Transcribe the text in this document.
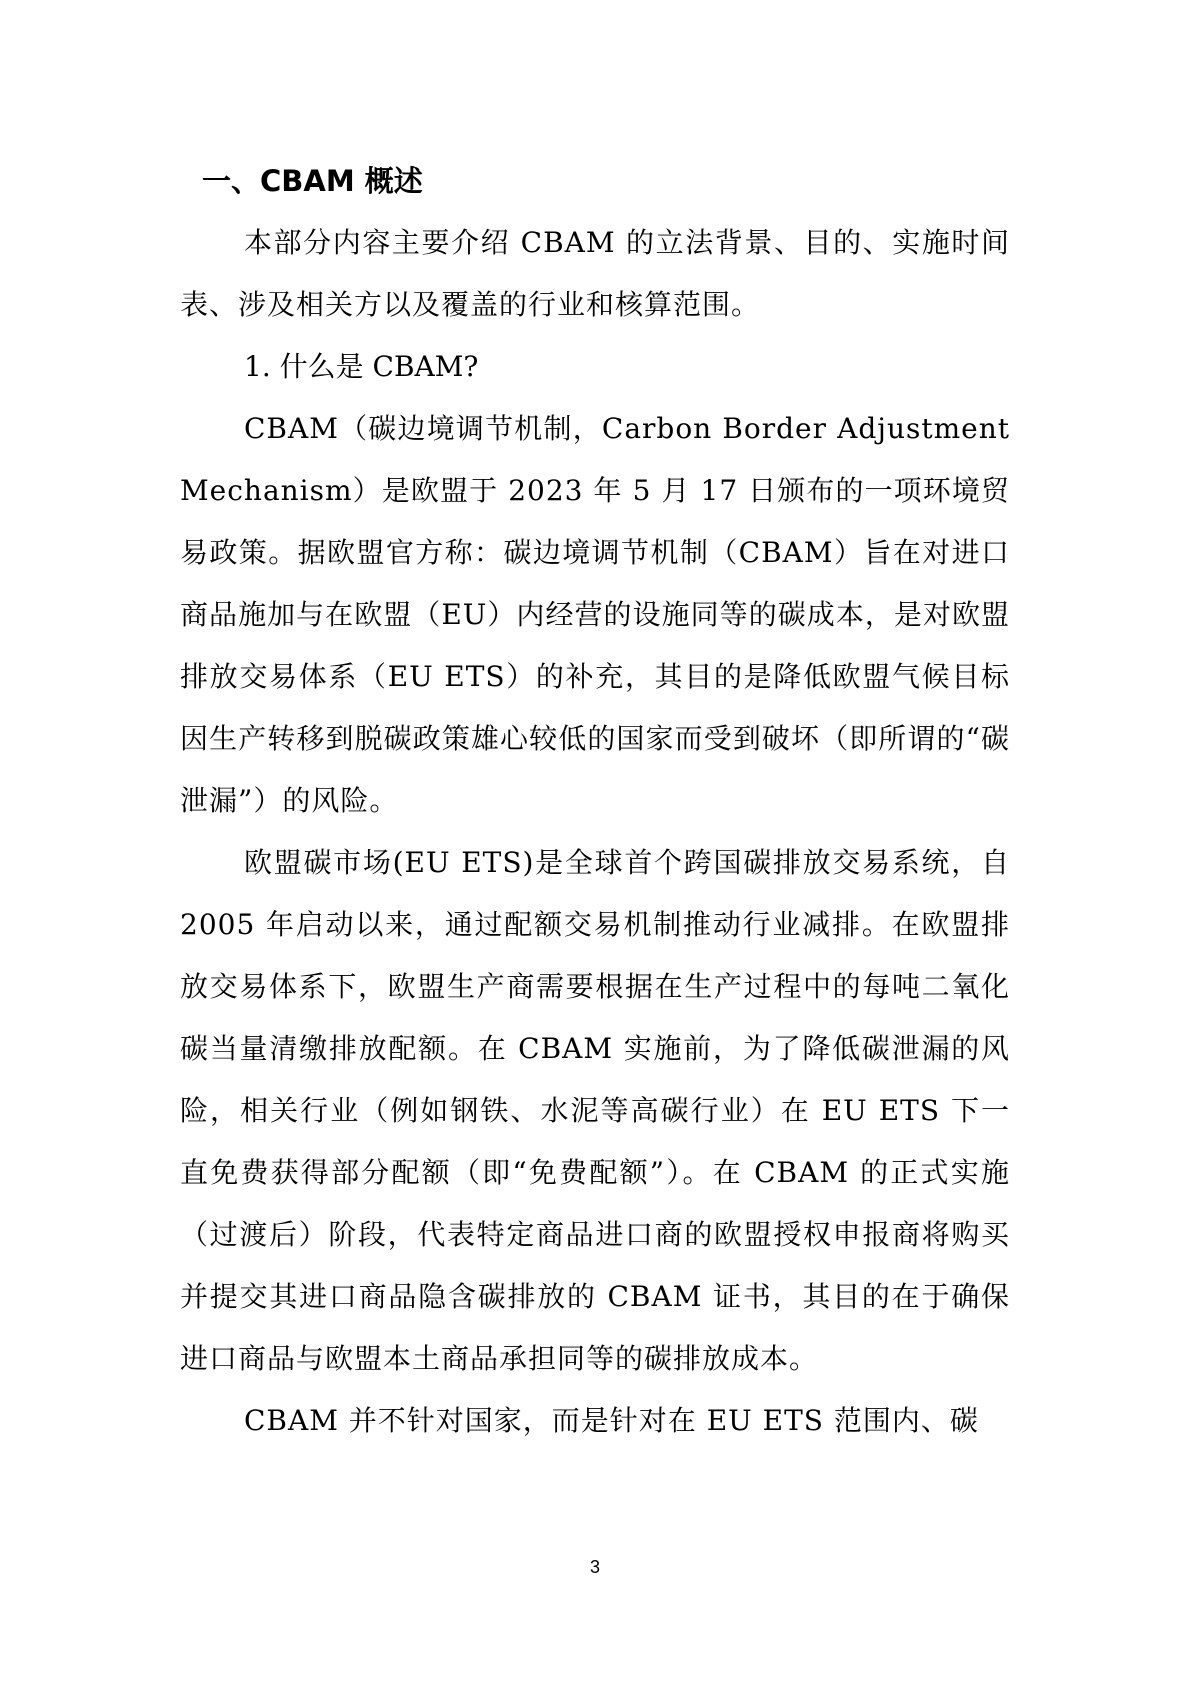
一、CBAM 概述

本部分内容主要介绍 CBAM 的立法背景、目的、实施时间表、涉及相关方以及覆盖的行业和核算范围。

1. 什么是 CBAM?

CBAM（碳边境调节机制，Carbon Border Adjustment Mechanism）是欧盟于 2023 年 5 月 17 日颁布的一项环境贸易政策。据欧盟官方称：碳边境调节机制（CBAM）旨在对进口商品施加与在欧盟（EU）内经营的设施同等的碳成本，是对欧盟排放交易体系（EU ETS）的补充，其目的是降低欧盟气候目标因生产转移到脱碳政策雄心较低的国家而受到破坏（即所谓的“碳泄漏”）的风险。

欧盟碳市场(EU ETS)是全球首个跨国碳排放交易系统，自 2005 年启动以来，通过配额交易机制推动行业减排。在欧盟排放交易体系下，欧盟生产商需要根据在生产过程中的每吨二氧化碳当量清缴排放配额。在 CBAM 实施前，为了降低碳泄漏的风险，相关行业（例如钢铁、水泥等高碳行业）在 EU ETS 下一直免费获得部分配额（即“免费配额”）。在 CBAM 的正式实施（过渡后）阶段，代表特定商品进口商的欧盟授权申报商将购买并提交其进口商品隐含碳排放的 CBAM 证书，其目的在于确保进口商品与欧盟本土商品承担同等的碳排放成本。

CBAM 并不针对国家，而是针对在 EU ETS 范围内、碳

3
